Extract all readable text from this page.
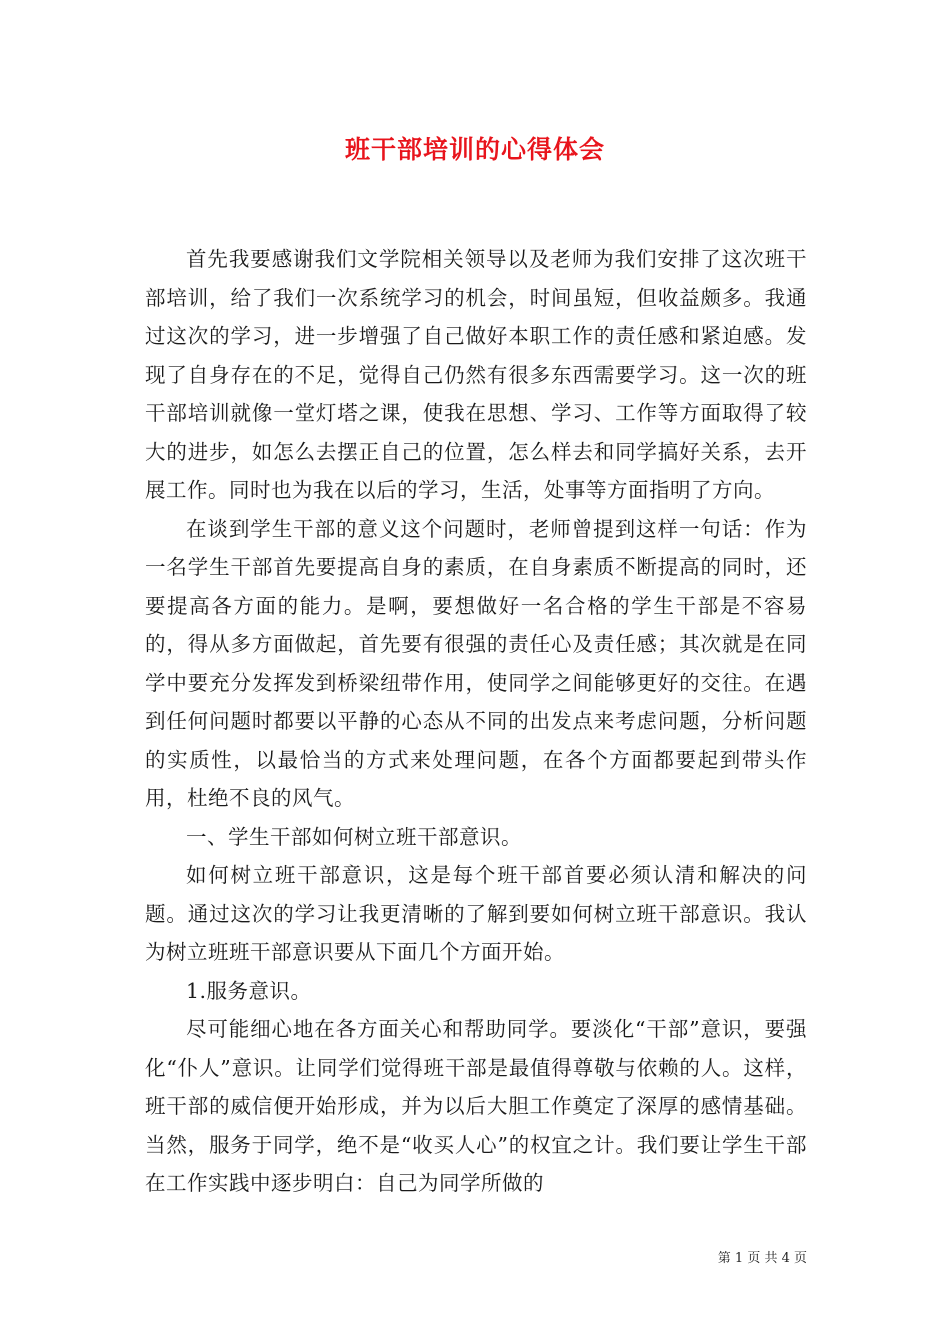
班干部培训的心得体会

首先我要感谢我们文学院相关领导以及老师为我们安排了这次班干部培训，给了我们一次系统学习的机会，时间虽短，但收益颇多。我通过这次的学习，进一步增强了自己做好本职工作的责任感和紧迫感。发现了自身存在的不足，觉得自己仍然有很多东西需要学习。这一次的班干部培训就像一堂灯塔之课，使我在思想、学习、工作等方面取得了较大的进步，如怎么去摆正自己的位置，怎么样去和同学搞好关系，去开展工作。同时也为我在以后的学习，生活，处事等方面指明了方向。

在谈到学生干部的意义这个问题时，老师曾提到这样一句话：作为一名学生干部首先要提高自身的素质，在自身素质不断提高的同时，还要提高各方面的能力。是啊，要想做好一名合格的学生干部是不容易的，得从多方面做起，首先要有很强的责任心及责任感；其次就是在同学中要充分发挥发到桥梁纽带作用，使同学之间能够更好的交往。在遇到任何问题时都要以平静的心态从不同的出发点来考虑问题，分析问题的实质性，以最恰当的方式来处理问题，在各个方面都要起到带头作用，杜绝不良的风气。

一、学生干部如何树立班干部意识。

如何树立班干部意识，这是每个班干部首要必须认清和解决的问题。通过这次的学习让我更清晰的了解到要如何树立班干部意识。我认为树立班班干部意识要从下面几个方面开始。

1.服务意识。

尽可能细心地在各方面关心和帮助同学。要淡化“干部”意识，要强化“仆人”意识。让同学们觉得班干部是最值得尊敬与依赖的人。这样，班干部的威信便开始形成，并为以后大胆工作奠定了深厚的感情基础。当然，服务于同学，绝不是“收买人心”的权宜之计。我们要让学生干部在工作实践中逐步明白：自己为同学所做的

第 1 页 共 4 页
